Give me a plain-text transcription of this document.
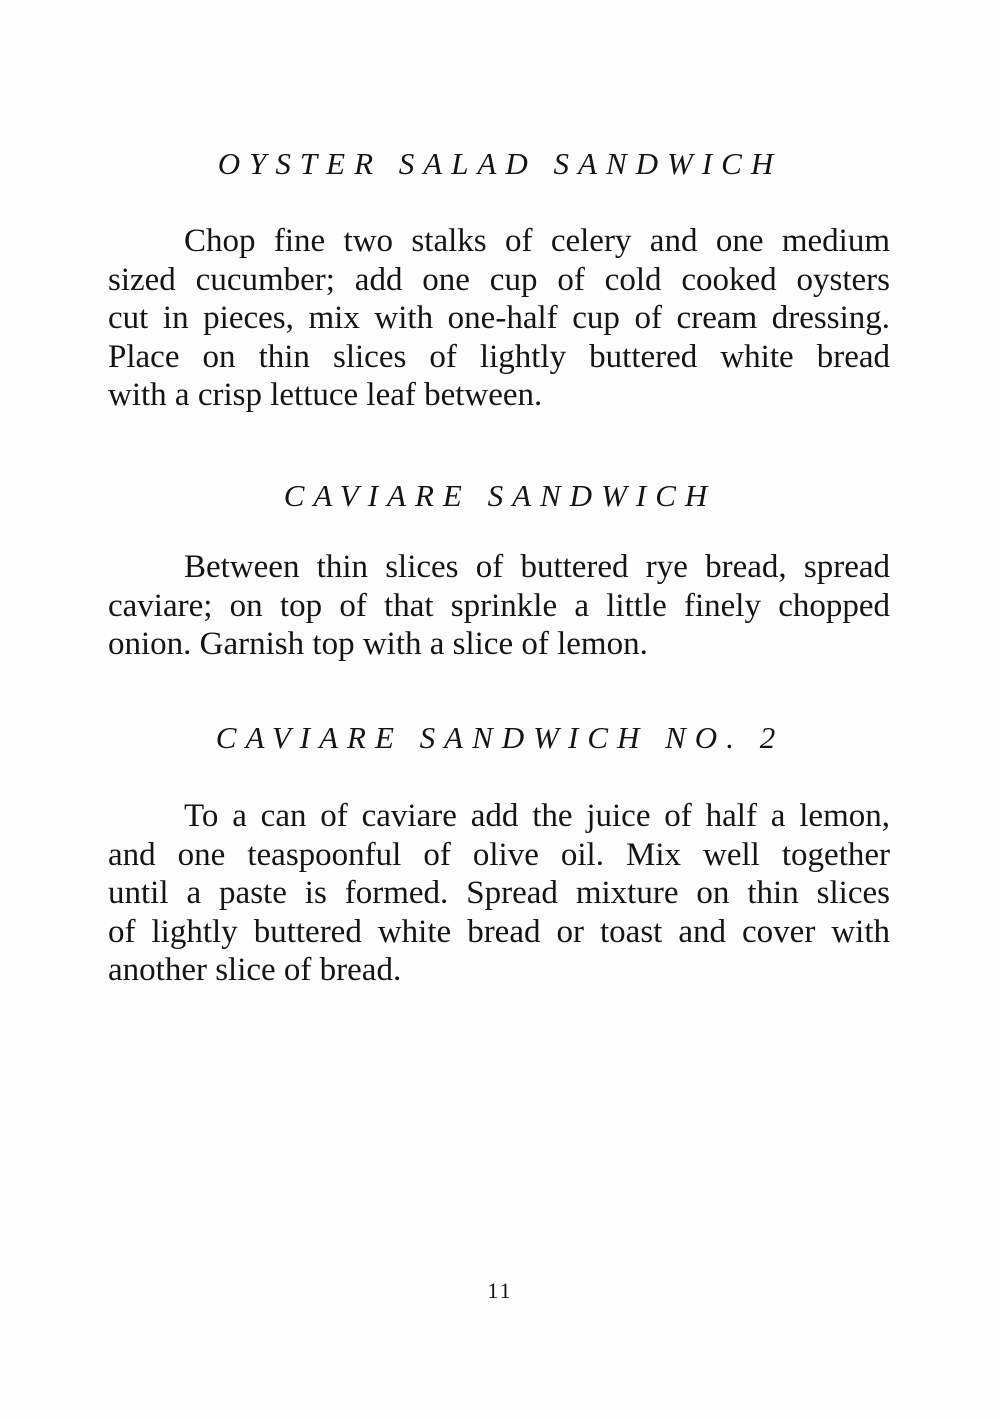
OYSTER SALAD SANDWICH
Chop fine two stalks of celery and one medium
sized cucumber; add one cup of cold cooked oysters
cut in pieces, mix with one-half cup of cream dressing.
Place on thin slices of lightly buttered white bread
with a crisp lettuce leaf between.
CAVIARE SANDWICH
Between thin slices of buttered rye bread, spread
caviare; on top of that sprinkle a little finely chopped
onion. Garnish top with a slice of lemon.
CAVIARE SANDWICH NO. 2
To a can of caviare add the juice of half a lemon,
and one teaspoonful of olive oil. Mix well together
until a paste is formed. Spread mixture on thin slices
of lightly buttered white bread or toast and cover with
another slice of bread.
11
